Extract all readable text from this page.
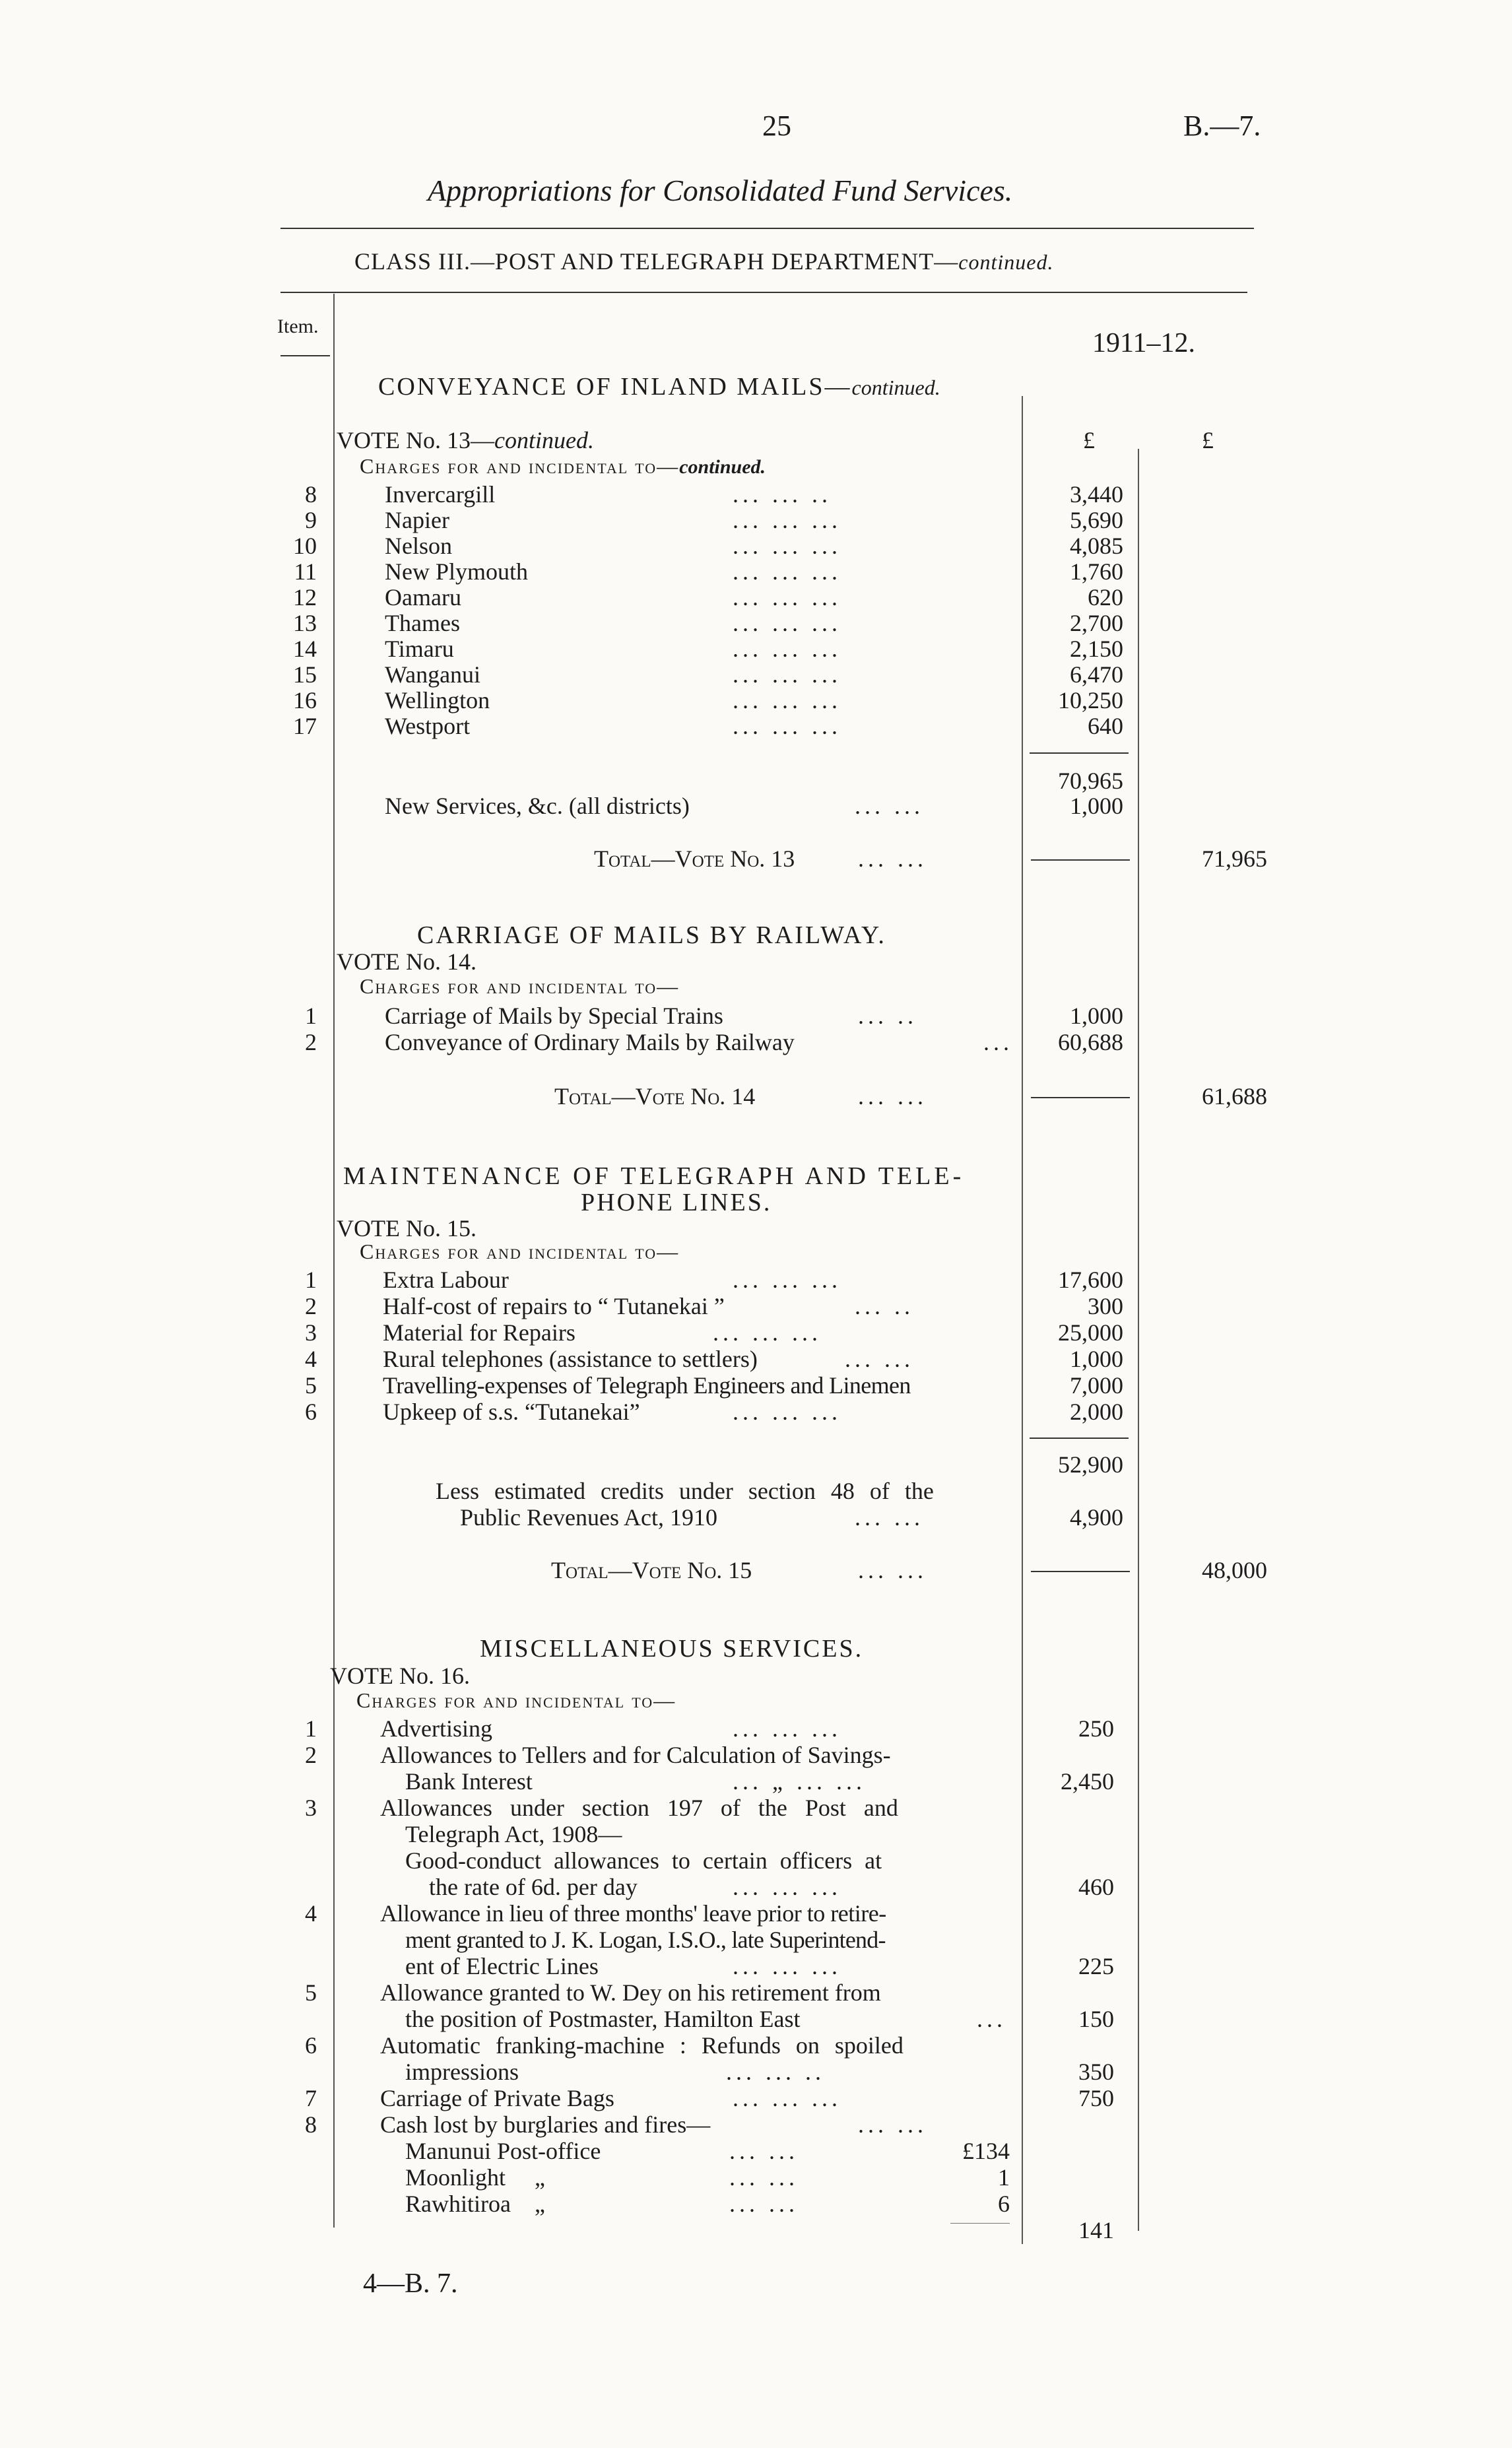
25	B.—7.
Appropriations for Consolidated Fund Services.
CLASS III.—POST AND TELEGRAPH DEPARTMENT—continued.
Item.
1911–12.
CONVEYANCE OF INLAND MAILS—continued.
VOTE No. 13—continued.	£	£
Charges for and incidental to—continued.
8	Invercargill	... ... ..	3,440
9	Napier	... ... ...	5,690
10	Nelson	... ... ...	4,085
11	New Plymouth	... ... ...	1,760
12	Oamaru	... ... ...	620
13	Thames	... ... ...	2,700
14	Timaru	... ... ...	2,150
15	Wanganui	... ... ...	6,470
16	Wellington	... ... ...	10,250
17	Westport	... ... ...	640
70,965
New Services, &c. (all districts)	... ...	1,000
Total—Vote No. 13	... ...	71,965
CARRIAGE OF MAILS BY RAILWAY.
VOTE No. 14.
Charges for and incidental to—
1	Carriage of Mails by Special Trains	... ..	1,000
2	Conveyance of Ordinary Mails by Railway	...	60,688
Total—Vote No. 14	... ...	61,688
MAINTENANCE OF TELEGRAPH AND TELE-
PHONE LINES.
VOTE No. 15.
Charges for and incidental to—
1	Extra Labour	... ... ...	17,600
2	Half-cost of repairs to “ Tutanekai ”	... ..	300
3	Material for Repairs	... ... ...	25,000
4	Rural telephones (assistance to settlers)	... ...	1,000
5	Travelling-expenses of Telegraph Engineers and Linemen	7,000
6	Upkeep of s.s. “Tutanekai”	... ... ...	2,000
52,900
Less estimated credits under section 48 of the
Public Revenues Act, 1910	... ...	4,900
Total—Vote No. 15	... ...	48,000
MISCELLANEOUS SERVICES.
VOTE No. 16.
Charges for and incidental to—
1	Advertising	... ... ...	250
2	Allowances to Tellers and for Calculation of Savings-
Bank Interest	... „ ... ...	2,450
3	Allowances under section 197 of the Post and
Telegraph Act, 1908—
Good-conduct allowances to certain officers at
the rate of 6d. per day	... ... ...	460
4	Allowance in lieu of three months' leave prior to retire-
ment granted to J. K. Logan, I.S.O., late Superintend-
ent of Electric Lines	... ... ...	225
5	Allowance granted to W. Dey on his retirement from
the position of Postmaster, Hamilton East	...	150
6	Automatic franking-machine : Refunds on spoiled
impressions	... ... ..	350
7	Carriage of Private Bags	... ... ...	750
8	Cash lost by burglaries and fires—	... ...
Manunui Post-office	... ...	£134
Moonlight „	... ...	1
Rawhitiroa „	... ...	6
141
4—B. 7.
